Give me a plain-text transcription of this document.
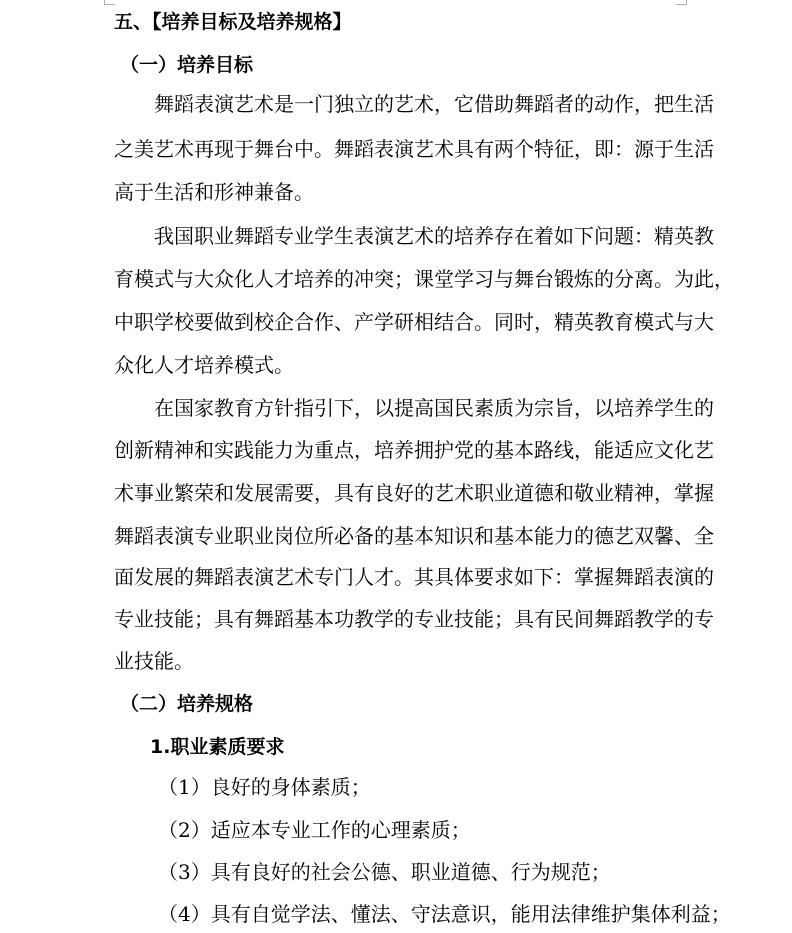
五、【培养目标及培养规格】
（一）培养目标
舞蹈表演艺术是一门独立的艺术，它借助舞蹈者的动作，把生活
之美艺术再现于舞台中。舞蹈表演艺术具有两个特征，即：源于生活
高于生活和形神兼备。
我国职业舞蹈专业学生表演艺术的培养存在着如下问题：精英教
育模式与大众化人才培养的冲突；课堂学习与舞台锻炼的分离。为此，
中职学校要做到校企合作、产学研相结合。同时，精英教育模式与大
众化人才培养模式。
在国家教育方针指引下，以提高国民素质为宗旨，以培养学生的
创新精神和实践能力为重点，培养拥护党的基本路线，能适应文化艺
术事业繁荣和发展需要，具有良好的艺术职业道德和敬业精神，掌握
舞蹈表演专业职业岗位所必备的基本知识和基本能力的德艺双馨、全
面发展的舞蹈表演艺术专门人才。其具体要求如下：掌握舞蹈表演的
专业技能；具有舞蹈基本功教学的专业技能；具有民间舞蹈教学的专
业技能。
（二）培养规格
1.职业素质要求
（1）良好的身体素质；
（2）适应本专业工作的心理素质；
（3）具有良好的社会公德、职业道德、行为规范；
（4）具有自觉学法、懂法、守法意识，能用法律维护集体利益；
